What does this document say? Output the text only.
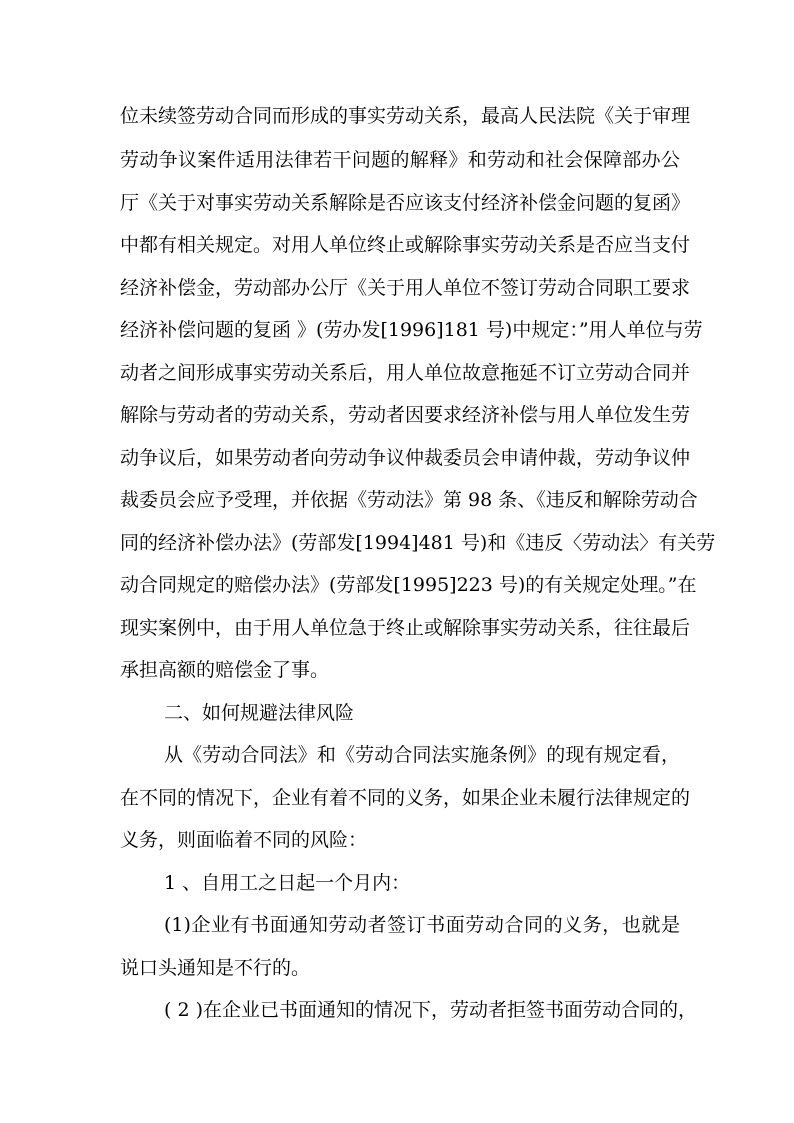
位未续签劳动合同而形成的事实劳动关系，最高人民法院《关于审理
劳动争议案件适用法律若干问题的解释》和劳动和社会保障部办公
厅《关于对事实劳动关系解除是否应该支付经济补偿金问题的复函》
中都有相关规定。对用人单位终止或解除事实劳动关系是否应当支付
经济补偿金，劳动部办公厅《关于用人单位不签订劳动合同职工要求
经济补偿问题的复函 》(劳办发[1996]181 号)中规定：”用人单位与劳
动者之间形成事实劳动关系后，用人单位故意拖延不订立劳动合同并
解除与劳动者的劳动关系，劳动者因要求经济补偿与用人单位发生劳
动争议后，如果劳动者向劳动争议仲裁委员会申请仲裁，劳动争议仲
裁委员会应予受理，并依据《劳动法》第 98 条、《违反和解除劳动合
同的经济补偿办法》(劳部发[1994]481 号)和《违反〈劳动法〉有关劳
动合同规定的赔偿办法》(劳部发[1995]223 号)的有关规定处理。”在
现实案例中，由于用人单位急于终止或解除事实劳动关系，往往最后
承担高额的赔偿金了事。
二、如何规避法律风险
从《劳动合同法》和《劳动合同法实施条例》的现有规定看，
在不同的情况下，企业有着不同的义务，如果企业未履行法律规定的
义务，则面临着不同的风险：
1 、自用工之日起一个月内：
(1)企业有书面通知劳动者签订书面劳动合同的义务，也就是
说口头通知是不行的。
( 2 )在企业已书面通知的情况下，劳动者拒签书面劳动合同的，
